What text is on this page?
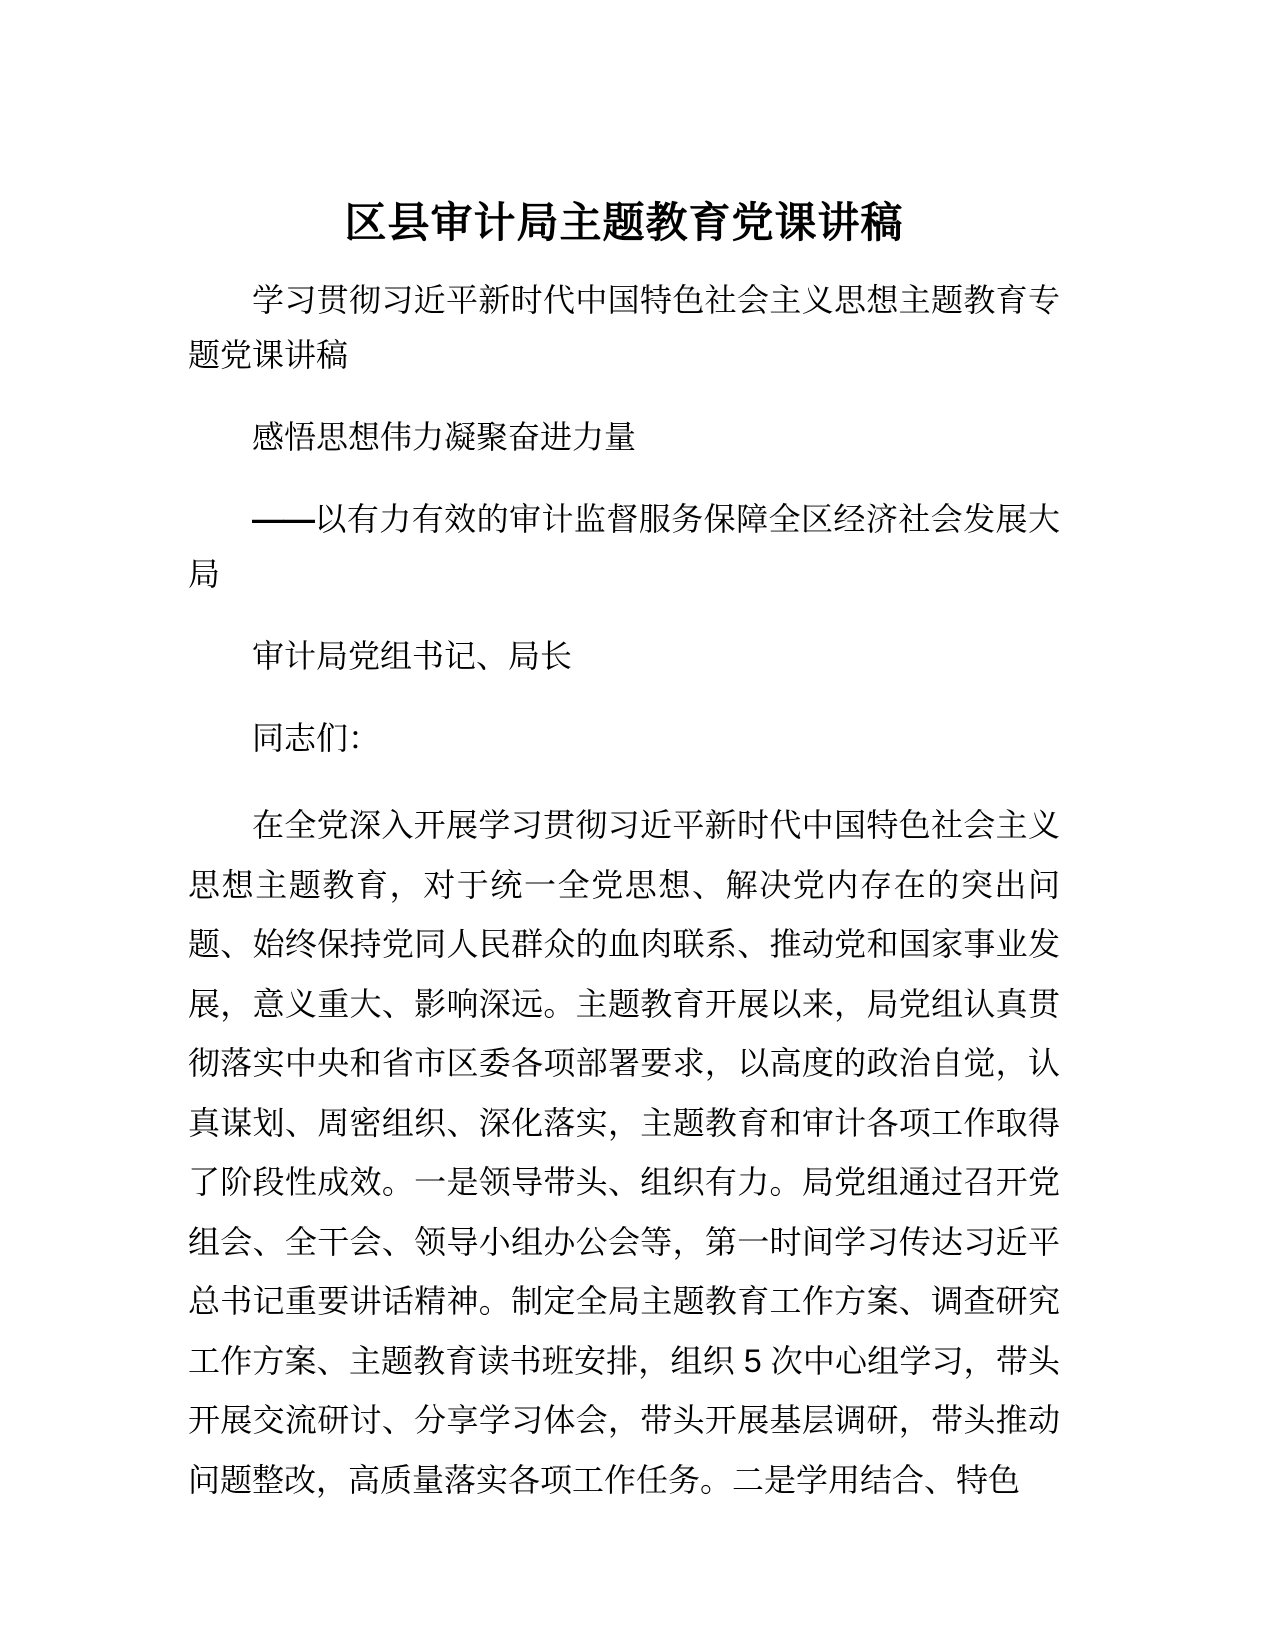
区县审计局主题教育党课讲稿

学习贯彻习近平新时代中国特色社会主义思想主题教育专题党课讲稿

感悟思想伟力凝聚奋进力量

——以有力有效的审计监督服务保障全区经济社会发展大局

审计局党组书记、局长

同志们：

在全党深入开展学习贯彻习近平新时代中国特色社会主义思想主题教育，对于统一全党思想、解决党内存在的突出问题、始终保持党同人民群众的血肉联系、推动党和国家事业发展，意义重大、影响深远。主题教育开展以来，局党组认真贯彻落实中央和省市区委各项部署要求，以高度的政治自觉，认真谋划、周密组织、深化落实，主题教育和审计各项工作取得了阶段性成效。一是领导带头、组织有力。局党组通过召开党组会、全干会、领导小组办公会等，第一时间学习传达习近平总书记重要讲话精神。制定全局主题教育工作方案、调查研究工作方案、主题教育读书班安排，组织 5 次中心组学习，带头开展交流研讨、分享学习体会，带头开展基层调研，带头推动问题整改，高质量落实各项工作任务。二是学用结合、特色
